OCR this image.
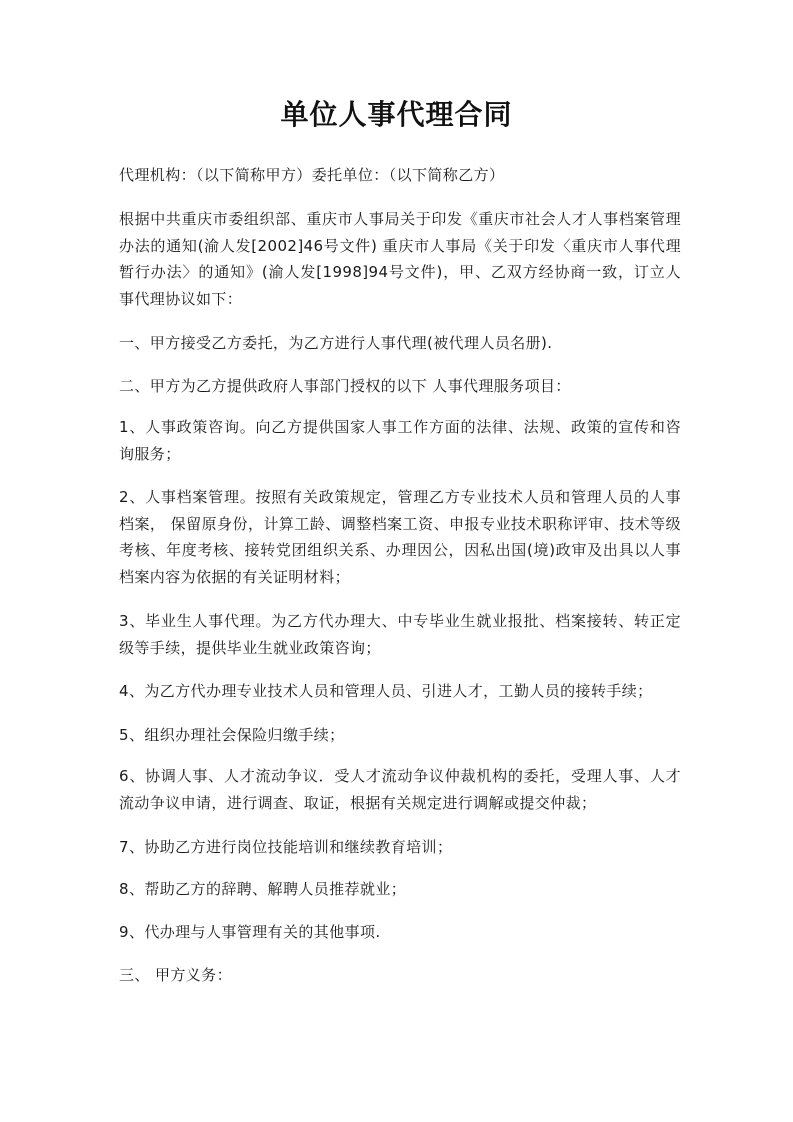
单位人事代理合同

代理机构：（以下简称甲方）委托单位：（以下简称乙方）

根据中共重庆市委组织部、重庆市人事局关于印发《重庆市社会人才人事档案管理办法的通知(渝人发[2002]46号文件) 重庆市人事局《关于印发〈重庆市人事代理暂行办法〉的通知》(渝人发[1998]94号文件)，甲、乙双方经协商一致，订立人事代理协议如下：

一、甲方接受乙方委托，为乙方进行人事代理(被代理人员名册).

二、甲方为乙方提供政府人事部门授权的以下 人事代理服务项目：

1、人事政策咨询。向乙方提供国家人事工作方面的法律、法规、政策的宣传和咨询服务；

2、人事档案管理。按照有关政策规定，管理乙方专业技术人员和管理人员的人事档案， 保留原身份，计算工龄、调整档案工资、申报专业技术职称评审、技术等级考核、年度考核、接转党团组织关系、办理因公，因私出国(境)政审及出具以人事档案内容为依据的有关证明材料；

3、毕业生人事代理。为乙方代办理大、中专毕业生就业报批、档案接转、转正定级等手续，提供毕业生就业政策咨询；

4、为乙方代办理专业技术人员和管理人员、引进人才，工勤人员的接转手续；

5、组织办理社会保险归缴手续；

6、协调人事、人才流动争议．受人才流动争议仲裁机构的委托，受理人事、人才流动争议申请，进行调查、取证，根据有关规定进行调解或提交仲裁；

7、协助乙方进行岗位技能培训和继续教育培训；

8、帮助乙方的辞聘、解聘人员推荐就业；

9、代办理与人事管理有关的其他事项.

三、 甲方义务：
